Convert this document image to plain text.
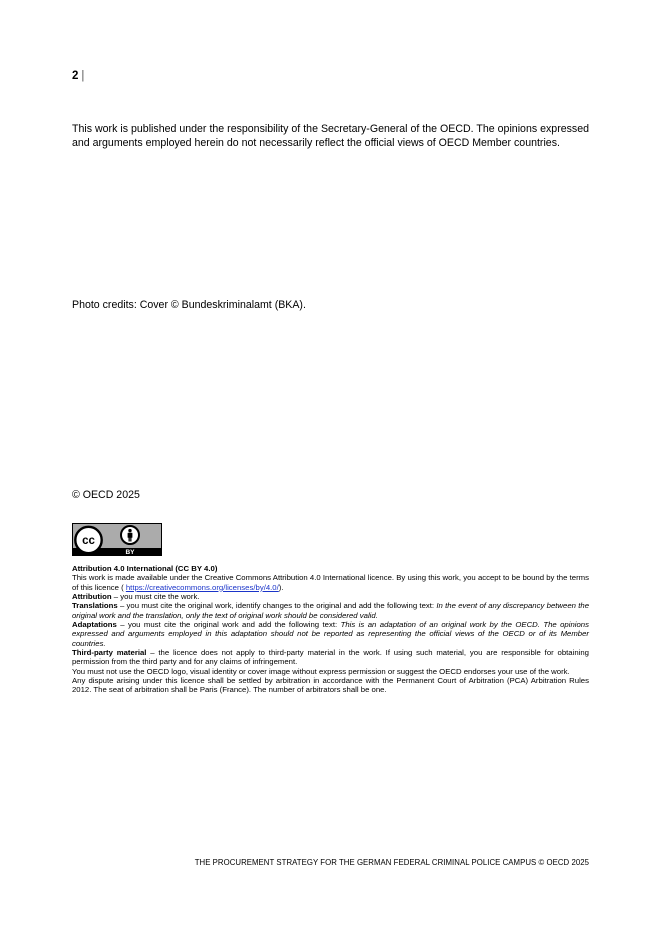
2 |

This work is published under the responsibility of the Secretary-General of the OECD. The opinions expressed and arguments employed herein do not necessarily reflect the official views of OECD Member countries.

Photo credits: Cover © Bundeskriminalamt (BKA).

© OECD 2025

cc
BY

Attribution 4.0 International (CC BY 4.0)

This work is made available under the Creative Commons Attribution 4.0 International licence. By using this work, you accept to be bound by the terms of this licence ( https://creativecommons.org/licenses/by/4.0/).

Attribution – you must cite the work.

Translations – you must cite the original work, identify changes to the original and add the following text: In the event of any discrepancy between the original work and the translation, only the text of original work should be considered valid.

Adaptations – you must cite the original work and add the following text: This is an adaptation of an original work by the OECD. The opinions expressed and arguments employed in this adaptation should not be reported as representing the official views of the OECD or of its Member countries.

Third-party material – the licence does not apply to third-party material in the work. If using such material, you are responsible for obtaining permission from the third party and for any claims of infringement.

You must not use the OECD logo, visual identity or cover image without express permission or suggest the OECD endorses your use of the work.

Any dispute arising under this licence shall be settled by arbitration in accordance with the Permanent Court of Arbitration (PCA) Arbitration Rules 2012. The seat of arbitration shall be Paris (France). The number of arbitrators shall be one.

THE PROCUREMENT STRATEGY FOR THE GERMAN FEDERAL CRIMINAL POLICE CAMPUS © OECD 2025
